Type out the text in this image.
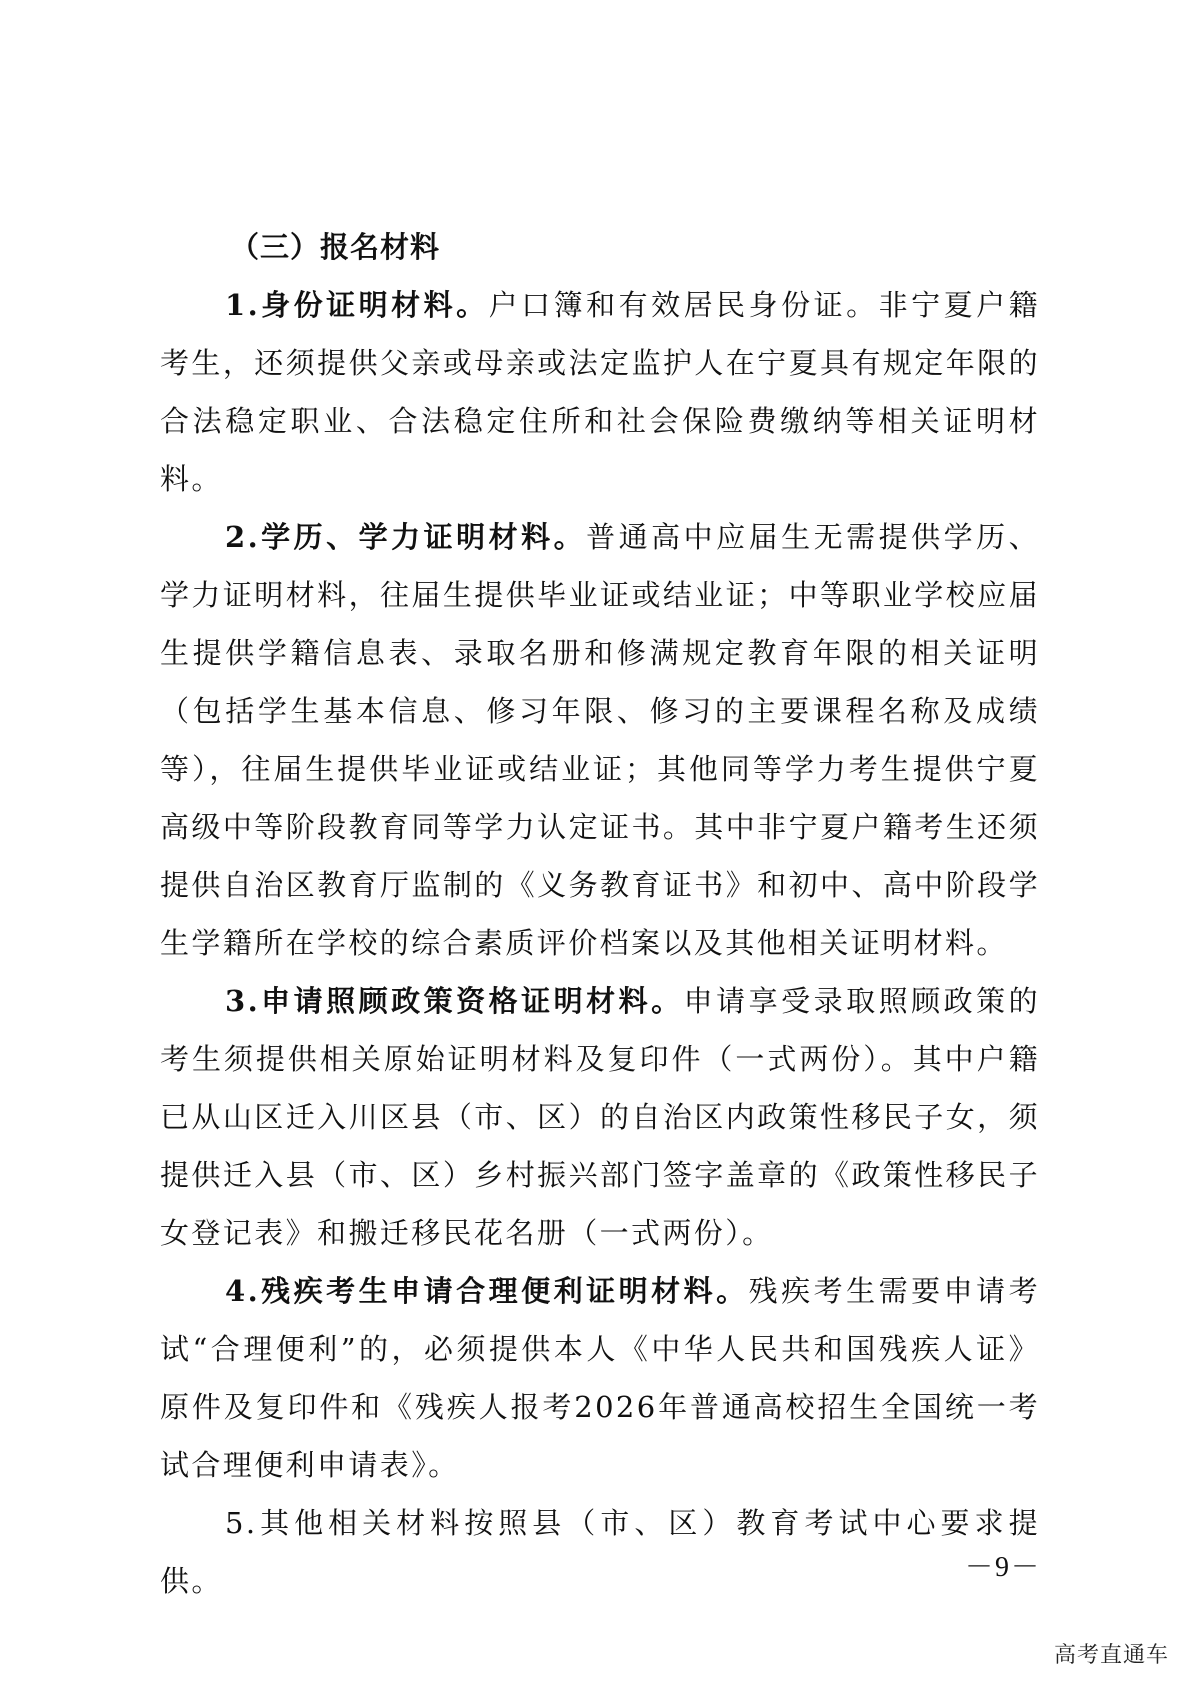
（三）报名材料

1.身份证明材料。户口簿和有效居民身份证。非宁夏户籍考生，还须提供父亲或母亲或法定监护人在宁夏具有规定年限的合法稳定职业、合法稳定住所和社会保险费缴纳等相关证明材料。

2.学历、学力证明材料。普通高中应届生无需提供学历、学力证明材料，往届生提供毕业证或结业证；中等职业学校应届生提供学籍信息表、录取名册和修满规定教育年限的相关证明（包括学生基本信息、修习年限、修习的主要课程名称及成绩等），往届生提供毕业证或结业证；其他同等学力考生提供宁夏高级中等阶段教育同等学力认定证书。其中非宁夏户籍考生还须提供自治区教育厅监制的《义务教育证书》和初中、高中阶段学生学籍所在学校的综合素质评价档案以及其他相关证明材料。

3.申请照顾政策资格证明材料。申请享受录取照顾政策的考生须提供相关原始证明材料及复印件（一式两份）。其中户籍已从山区迁入川区县（市、区）的自治区内政策性移民子女，须提供迁入县（市、区）乡村振兴部门签字盖章的《政策性移民子女登记表》和搬迁移民花名册（一式两份）。

4.残疾考生申请合理便利证明材料。残疾考生需要申请考试“合理便利”的，必须提供本人《中华人民共和国残疾人证》原件及复印件和《残疾人报考2026年普通高校招生全国统一考试合理便利申请表》。

5.其他相关材料按照县（市、区）教育考试中心要求提供。	－9－
高考直通车
